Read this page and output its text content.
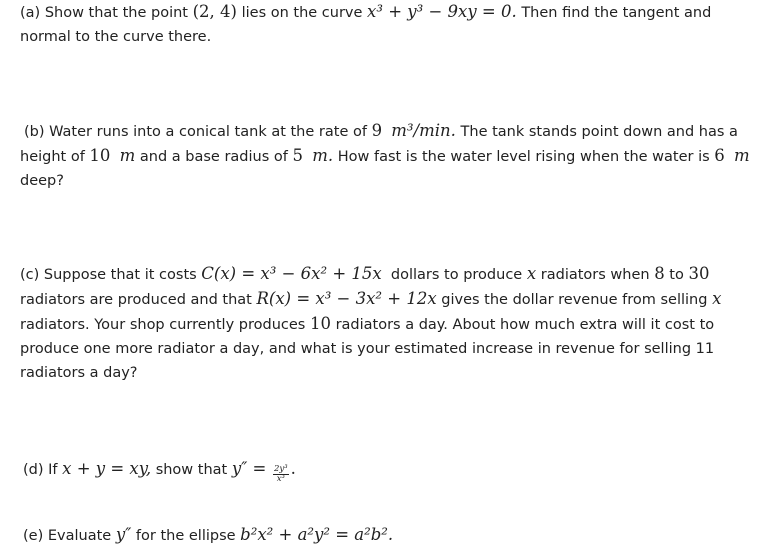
(a) Show that the point (2, 4) lies on the curve x³ + y³ − 9xy = 0. Then find the tangent and
normal to the curve there.

(b) Water runs into a conical tank at the rate of 9 m³/min. The tank stands point down and has a
height of 10 m and a base radius of 5 m. How fast is the water level rising when the water is 6 m
deep?

(c) Suppose that it costs C(x) = x³ − 6x² + 15x dollars to produce x radiators when 8 to 30
radiators are produced and that R(x) = x³ − 3x² + 12x gives the dollar revenue from selling x
radiators. Your shop currently produces 10 radiators a day. About how much extra will it cost to
produce one more radiator a day, and what is your estimated increase in revenue for selling 11
radiators a day?

(d) If x + y = xy, show that $y'' = \frac{\text{2y³}}{\text{x³}}$ .

(e) Evaluate y″ for the ellipse b²x² + a²y² = a²b².
